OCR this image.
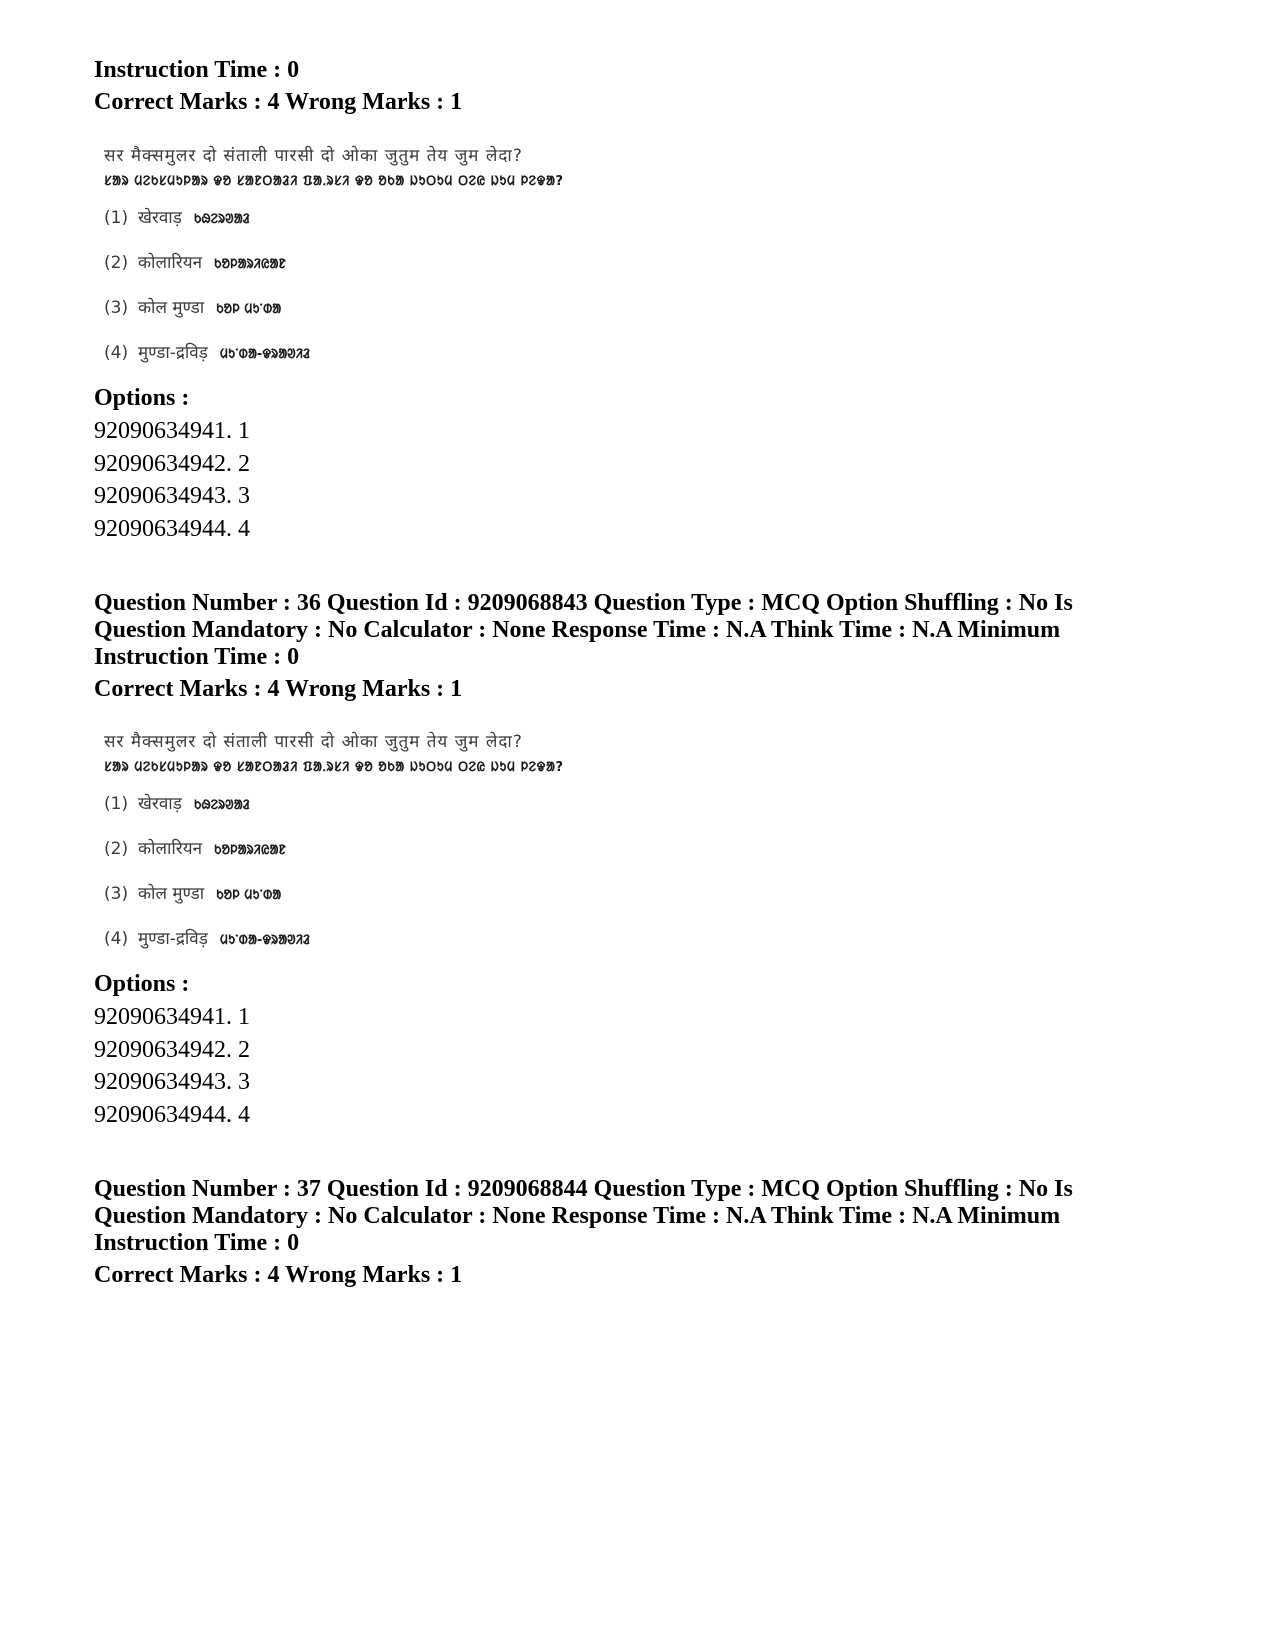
Instruction Time : 0
Correct Marks : 4 Wrong Marks : 1
सर मैक्समुलर दो संताली पारसी दो ओका जुतुम तेय जुम लेदा?
ᱥᱟᱨ ᱢᱮᱠᱥᱢᱩᱞᱟᱨ ᱫᱚ ᱥᱟᱱᱛᱟᱲᱤ ᱯᱟᱹᱨᱥᱤ ᱫᱚ ᱚᱠᱟ ᱡᱩᱛᱩᱢ ᱛᱮᱭ ᱡᱩᱢ ᱞᱮᱫᱟ?
(1) खेरवाड़ ᱠᱷᱮᱨᱣᱟᱲ
(2) कोलारियन ᱠᱚᱞᱟᱨᱤᱭᱟᱱ
(3) कोल मुण्डा ᱠᱚᱞ ᱢᱩᱸᱰᱟ
(4) मुण्डा-द्रविड़ ᱢᱩᱸᱰᱟ-ᱫᱨᱟᱣᱤᱲ
Options :
92090634941. 1
92090634942. 2
92090634943. 3
92090634944. 4
Question Number : 36 Question Id : 9209068843 Question Type : MCQ Option Shuffling : No Is
Question Mandatory : No Calculator : None Response Time : N.A Think Time : N.A Minimum
Instruction Time : 0
Correct Marks : 4 Wrong Marks : 1
सर मैक्समुलर दो संताली पारसी दो ओका जुतुम तेय जुम लेदा?
ᱥᱟᱨ ᱢᱮᱠᱥᱢᱩᱞᱟᱨ ᱫᱚ ᱥᱟᱱᱛᱟᱲᱤ ᱯᱟᱹᱨᱥᱤ ᱫᱚ ᱚᱠᱟ ᱡᱩᱛᱩᱢ ᱛᱮᱭ ᱡᱩᱢ ᱞᱮᱫᱟ?
(1) खेरवाड़ ᱠᱷᱮᱨᱣᱟᱲ
(2) कोलारियन ᱠᱚᱞᱟᱨᱤᱭᱟᱱ
(3) कोल मुण्डा ᱠᱚᱞ ᱢᱩᱸᱰᱟ
(4) मुण्डा-द्रविड़ ᱢᱩᱸᱰᱟ-ᱫᱨᱟᱣᱤᱲ
Options :
92090634941. 1
92090634942. 2
92090634943. 3
92090634944. 4
Question Number : 37 Question Id : 9209068844 Question Type : MCQ Option Shuffling : No Is
Question Mandatory : No Calculator : None Response Time : N.A Think Time : N.A Minimum
Instruction Time : 0
Correct Marks : 4 Wrong Marks : 1
